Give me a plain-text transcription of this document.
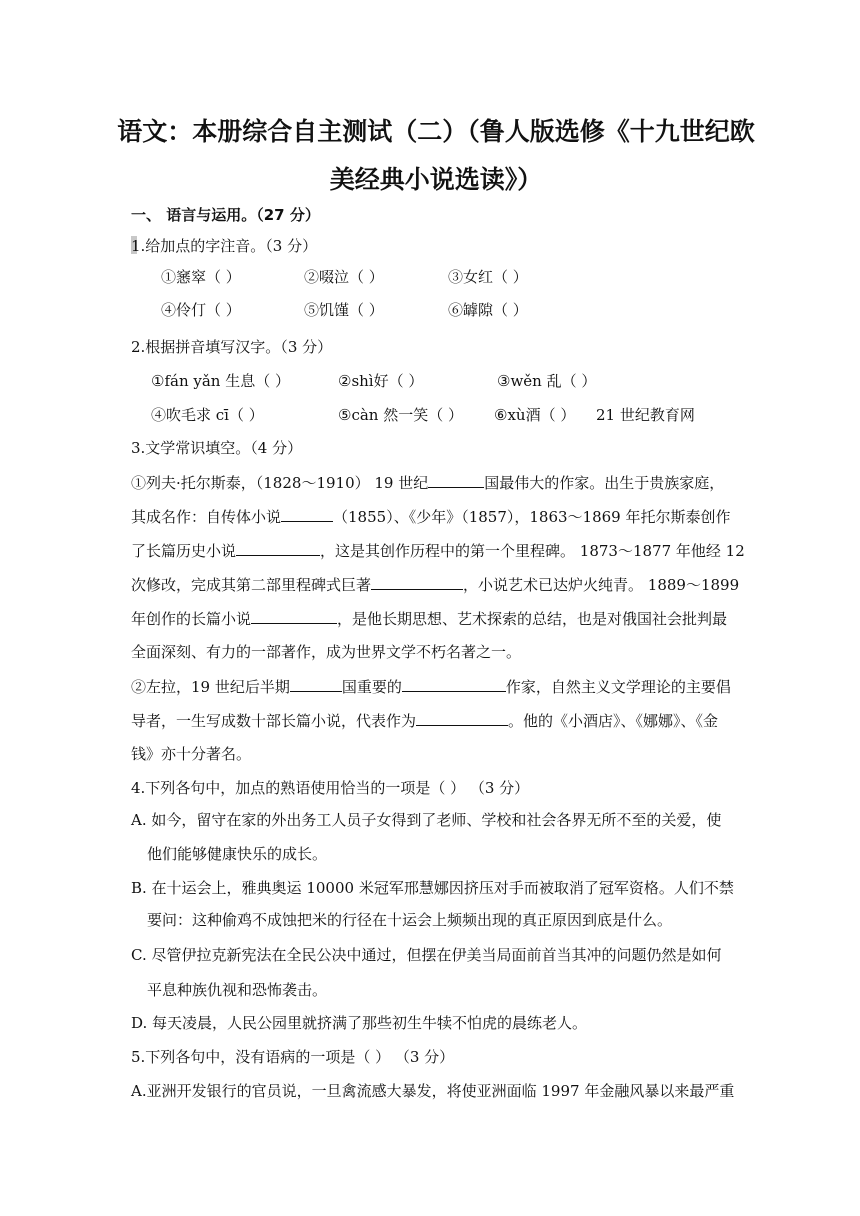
语文：本册综合自主测试（二）（鲁人版选修《十九世纪欧
美经典小说选读》）
一、 语言与运用。（27 分）
1.给加点的字注音。（3 分）
①窸窣（ ）	②啜泣（ ）	③女红（ ）
④伶仃（ ）	⑤饥馑（ ）	⑥罅隙（ ）
2.根据拼音填写汉字。（3 分）
①fán yǎn 生息（ ）	②shì好（ ）	③wěn 乱（ ）
④吹毛求 cī（ ）	⑤càn 然一笑（ ） ⑥xù酒（ ） 21 世纪教育网
3.文学常识填空。（4 分）
①列夫·托尔斯泰，（1828～1910） 19 世纪	国最伟大的作家。出生于贵族家庭，
其成名作：自传体小说	（1855）、《少年》（1857），1863～1869 年托尔斯泰创作
了长篇历史小说	，这是其创作历程中的第一个里程碑。 1873～1877 年他经 12
次修改，完成其第二部里程碑式巨著	，小说艺术已达炉火纯青。 1889～1899
年创作的长篇小说	，是他长期思想、艺术探索的总结，也是对俄国社会批判最
全面深刻、有力的一部著作，成为世界文学不朽名著之一。
②左拉，19 世纪后半期	国重要的	作家，自然主义文学理论的主要倡
导者，一生写成数十部长篇小说，代表作为	。他的《小酒店》、《娜娜》、《金
钱》亦十分著名。
4.下列各句中，加点的熟语使用恰当的一项是（ ） （3 分）
A. 如今，留守在家的外出务工人员子女得到了老师、学校和社会各界无所不至的关爱，使
他们能够健康快乐的成长。
B. 在十运会上，雅典奥运 10000 米冠军邢慧娜因挤压对手而被取消了冠军资格。人们不禁
要问：这种偷鸡不成蚀把米的行径在十运会上频频出现的真正原因到底是什么。
C. 尽管伊拉克新宪法在全民公决中通过，但摆在伊美当局面前首当其冲的问题仍然是如何
平息种族仇视和恐怖袭击。
D. 每天凌晨，人民公园里就挤满了那些初生牛犊不怕虎的晨练老人。
5.下列各句中，没有语病的一项是（ ） （3 分）
A.亚洲开发银行的官员说，一旦禽流感大暴发，将使亚洲面临 1997 年金融风暴以来最严重
